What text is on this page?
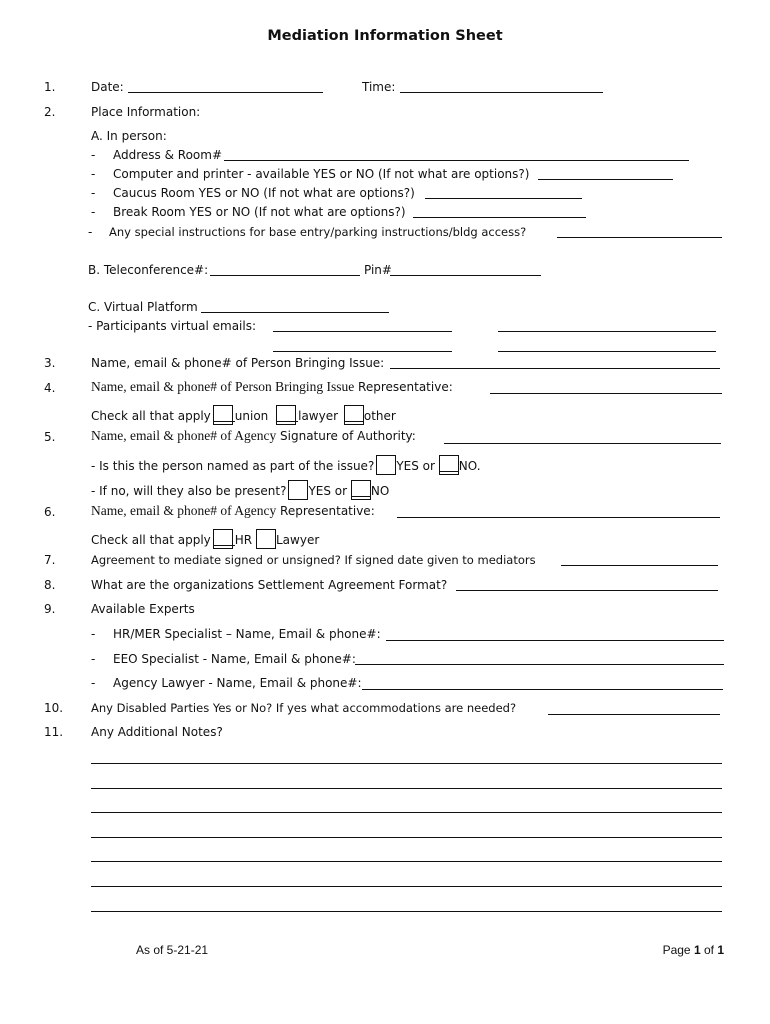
Mediation Information Sheet
1.	Date:	Time:
2.	Place Information:
A. In person:
- Address & Room#
- Computer and printer - available YES or NO (If not what are options?)
- Caucus Room YES or NO (If not what are options?)
- Break Room YES or NO (If not what are options?)
- Any special instructions for base entry/parking instructions/bldg access?
B. Teleconference#:	Pin#
C. Virtual Platform
- Participants virtual emails:
3.	Name, email & phone# of Person Bringing Issue:
4.	Name, email & phone# of Person Bringing Issue Representative:
Check all that apply union lawyer other
5.	Name, email & phone# of Agency Signature of Authority:
- Is this the person named as part of the issue? YES or NO.
- If no, will they also be present? YES or NO
6.	Name, email & phone# of Agency Representative:
Check all that apply HR Lawyer
7.	Agreement to mediate signed or unsigned? If signed date given to mediators
8.	What are the organizations Settlement Agreement Format?
9.	Available Experts
- HR/MER Specialist – Name, Email & phone#:
- EEO Specialist - Name, Email & phone#:
- Agency Lawyer - Name, Email & phone#:
10. Any Disabled Parties Yes or No? If yes what accommodations are needed?
11. Any Additional Notes?
As of 5-21-21	Page 1 of 1
